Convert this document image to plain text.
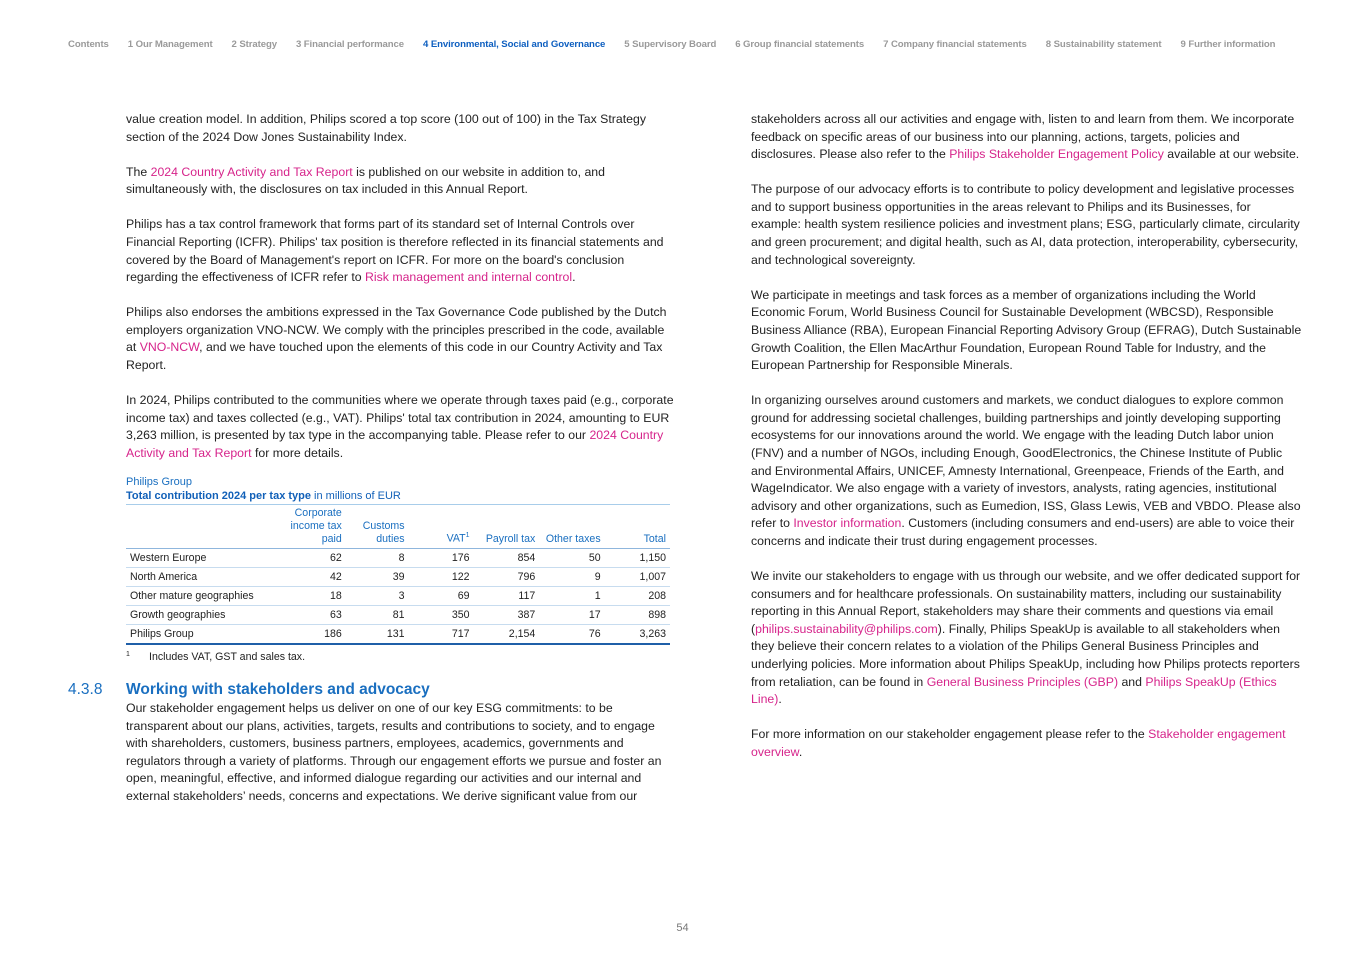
Contents 1 Our Management 2 Strategy 3 Financial performance 4 Environmental, Social and Governance 5 Supervisory Board 6 Group financial statements 7 Company financial statements 8 Sustainability statement 9 Further information

value creation model. In addition, Philips scored a top score (100 out of 100) in the Tax Strategy section of the 2024 Dow Jones Sustainability Index.

The 2024 Country Activity and Tax Report is published on our website in addition to, and simultaneously with, the disclosures on tax included in this Annual Report.

Philips has a tax control framework that forms part of its standard set of Internal Controls over Financial Reporting (ICFR). Philips' tax position is therefore reflected in its financial statements and covered by the Board of Management's report on ICFR. For more on the board's conclusion regarding the effectiveness of ICFR refer to Risk management and internal control.

Philips also endorses the ambitions expressed in the Tax Governance Code published by the Dutch employers organization VNO-NCW. We comply with the principles prescribed in the code, available at VNO-NCW, and we have touched upon the elements of this code in our Country Activity and Tax Report.

In 2024, Philips contributed to the communities where we operate through taxes paid (e.g., corporate income tax) and taxes collected (e.g., VAT). Philips' total tax contribution in 2024, amounting to EUR 3,263 million, is presented by tax type in the accompanying table. Please refer to our 2024 Country Activity and Tax Report for more details.

Philips Group
Total contribution 2024 per tax type in millions of EUR
	Corporate income tax paid	Customs duties	VAT$^1$	Payroll tax	Other taxes	Total
Western Europe	62	8	176	854	50	1,150
North America	42	39	122	796	9	1,007
Other mature geographies	18	3	69	117	1	208
Growth geographies	63	81	350	387	17	898
Philips Group	186	131	717	2,154	76	3,263
1 Includes VAT, GST and sales tax.
4.3.8 Working with stakeholders and advocacy

Our stakeholder engagement helps us deliver on one of our key ESG commitments: to be transparent about our plans, activities, targets, results and contributions to society, and to engage with shareholders, customers, business partners, employees, academics, governments and regulators through a variety of platforms. Through our engagement efforts we pursue and foster an open, meaningful, effective, and informed dialogue regarding our activities and our internal and external stakeholders’ needs, concerns and expectations. We derive significant value from our

stakeholders across all our activities and engage with, listen to and learn from them. We incorporate feedback on specific areas of our business into our planning, actions, targets, policies and disclosures. Please also refer to the Philips Stakeholder Engagement Policy available at our website.

The purpose of our advocacy efforts is to contribute to policy development and legislative processes and to support business opportunities in the areas relevant to Philips and its Businesses, for example: health system resilience policies and investment plans; ESG, particularly climate, circularity and green procurement; and digital health, such as AI, data protection, interoperability, cybersecurity, and technological sovereignty.

We participate in meetings and task forces as a member of organizations including the World Economic Forum, World Business Council for Sustainable Development (WBCSD), Responsible Business Alliance (RBA), European Financial Reporting Advisory Group (EFRAG), Dutch Sustainable Growth Coalition, the Ellen MacArthur Foundation, European Round Table for Industry, and the European Partnership for Responsible Minerals.

In organizing ourselves around customers and markets, we conduct dialogues to explore common ground for addressing societal challenges, building partnerships and jointly developing supporting ecosystems for our innovations around the world. We engage with the leading Dutch labor union (FNV) and a number of NGOs, including Enough, GoodElectronics, the Chinese Institute of Public and Environmental Affairs, UNICEF, Amnesty International, Greenpeace, Friends of the Earth, and WageIndicator. We also engage with a variety of investors, analysts, rating agencies, institutional advisory and other organizations, such as Eumedion, ISS, Glass Lewis, VEB and VBDO. Please also refer to Investor information. Customers (including consumers and end-users) are able to voice their concerns and indicate their trust during engagement processes.

We invite our stakeholders to engage with us through our website, and we offer dedicated support for consumers and for healthcare professionals. On sustainability matters, including our sustainability reporting in this Annual Report, stakeholders may share their comments and questions via email (philips.sustainability@philips.com). Finally, Philips SpeakUp is available to all stakeholders when they believe their concern relates to a violation of the Philips General Business Principles and underlying policies. More information about Philips SpeakUp, including how Philips protects reporters from retaliation, can be found in General Business Principles (GBP) and Philips SpeakUp (Ethics Line).

For more information on our stakeholder engagement please refer to the Stakeholder engagement overview.

54
